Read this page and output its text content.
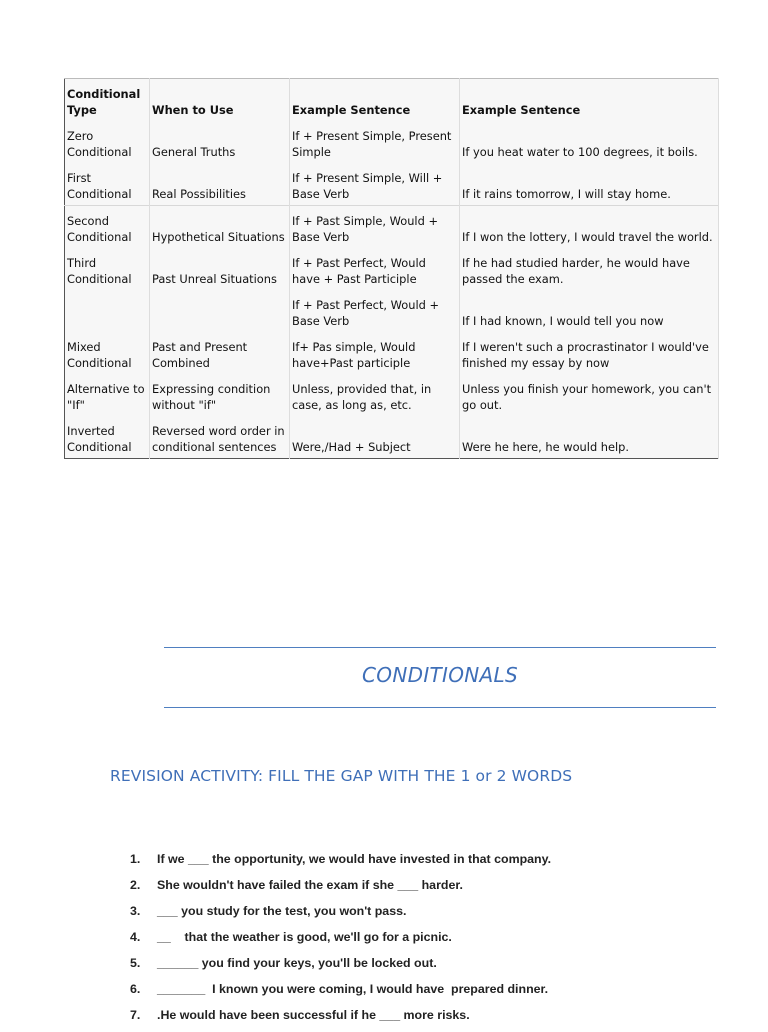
Conditional Type	When to Use	Example Sentence	Example Sentence
Zero Conditional	General Truths	If + Present Simple, Present Simple	If you heat water to 100 degrees, it boils.
First Conditional	Real Possibilities	If + Present Simple, Will + Base Verb	If it rains tomorrow, I will stay home.
Second Conditional	Hypothetical Situations	If + Past Simple, Would + Base Verb	If I won the lottery, I would travel the world.
Third Conditional	Past Unreal Situations	If + Past Perfect, Would have + Past Participle	If he had studied harder, he would have passed the exam.
		If + Past Perfect, Would + Base Verb	If I had known, I would tell you now
Mixed Conditional	Past and Present Combined	If+ Pas simple, Would have+Past participle	If I weren't such a procrastinator I would've finished my essay by now
Alternative to "If"	Expressing condition without "if"	Unless, provided that, in case, as long as, etc.	Unless you finish your homework, you can't go out.
Inverted Conditional	Reversed word order in conditional sentences	Were,/Had + Subject	Were he here, he would help.
CONDITIONALS
REVISION ACTIVITY: FILL THE GAP WITH THE 1 or 2 WORDS
1. If we ___ the opportunity, we would have invested in that company.
2. She wouldn't have failed the exam if she ___ harder.
3. ___ you study for the test, you won't pass.
4. __    that the weather is good, we'll go for a picnic.
5. ______ you find your keys, you'll be locked out.
6. _______  I known you were coming, I would have  prepared dinner.
7. .He would have been successful if he ___ more risks.
